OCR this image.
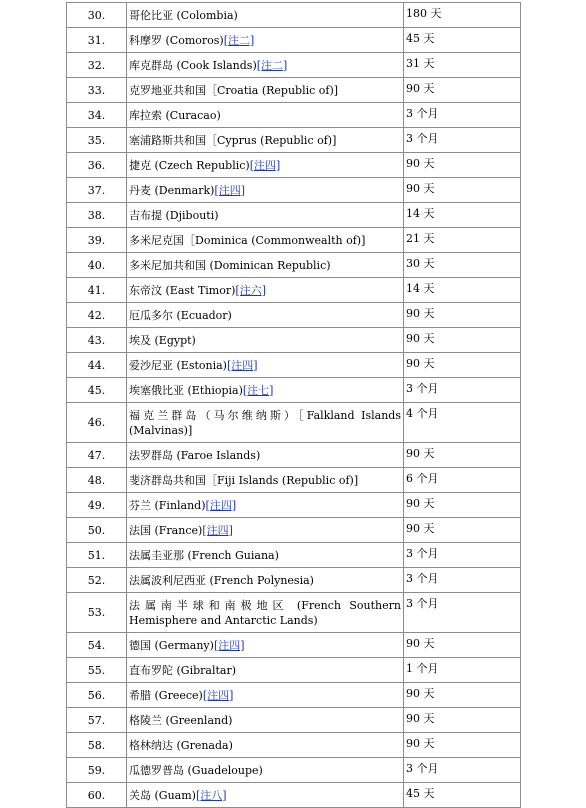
30.	哥伦比亚 (Colombia)	180 天
31.	科摩罗 (Comoros)[注二]	45 天
32.	库克群岛 (Cook Islands)[注二]	31 天
33.	克罗地亚共和国［Croatia (Republic of)]	90 天
34.	库拉索 (Curacao)	3 个月
35.	塞浦路斯共和国［Cyprus (Republic of)]	3 个月
36.	捷克 (Czech Republic)[注四]	90 天
37.	丹麦 (Denmark)[注四]	90 天
38.	吉布提 (Djibouti)	14 天
39.	多米尼克国［Dominica (Commonwealth of)]	21 天
40.	多米尼加共和国 (Dominican Republic)	30 天
41.	东帝汶 (East Timor)[注六]	14 天
42.	厄瓜多尔 (Ecuador)	90 天
43.	埃及 (Egypt)	90 天
44.	爱沙尼亚 (Estonia)[注四]	90 天
45.	埃塞俄比亚 (Ethiopia)[注七]	3 个月
46.	福克兰群岛（马尔维纳斯）［Falkland Islands (Malvinas)]	4 个月
47.	法罗群岛 (Faroe Islands)	90 天
48.	斐济群岛共和国［Fiji Islands (Republic of)]	6 个月
49.	芬兰 (Finland)[注四]	90 天
50.	法国 (France)[注四]	90 天
51.	法属圭亚那 (French Guiana)	3 个月
52.	法属波利尼西亚 (French Polynesia)	3 个月
53.	法属南半球和南极地区 (French Southern Hemisphere and Antarctic Lands)	3 个月
54.	德国 (Germany)[注四]	90 天
55.	直布罗陀 (Gibraltar)	1 个月
56.	希腊 (Greece)[注四]	90 天
57.	格陵兰 (Greenland)	90 天
58.	格林纳达 (Grenada)	90 天
59.	瓜德罗普岛 (Guadeloupe)	3 个月
60.	关岛 (Guam)[注八]	45 天
